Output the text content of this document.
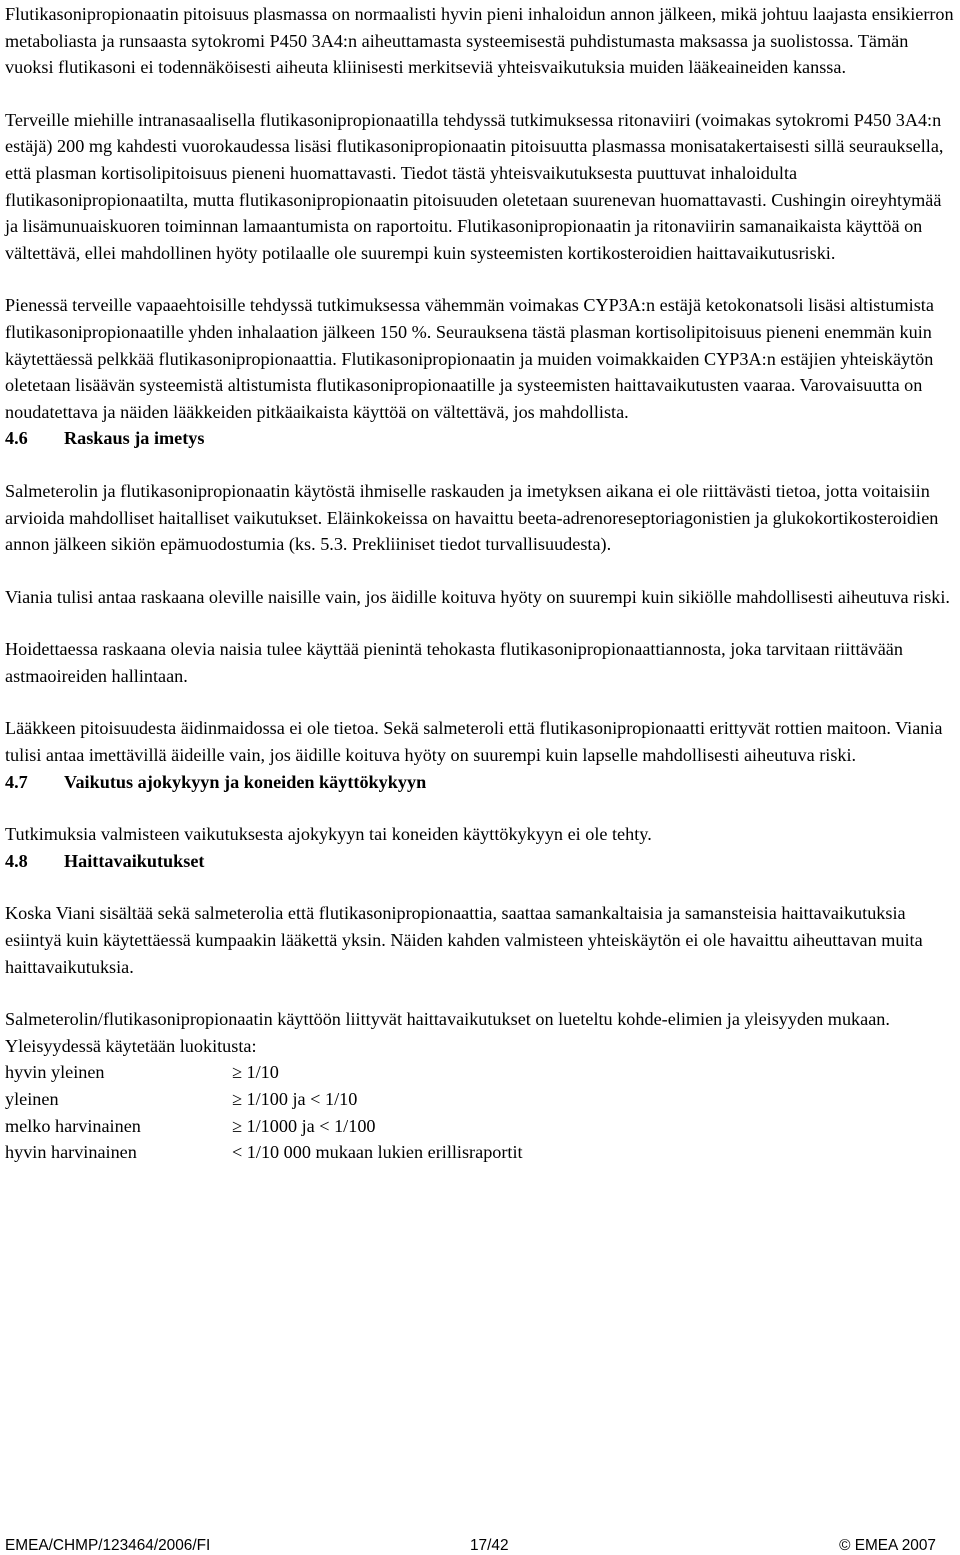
Flutikasonipropionaatin pitoisuus plasmassa on normaalisti hyvin pieni inhaloidun annon jälkeen, mikä johtuu laajasta ensikierron metaboliasta ja runsaasta sytokromi P450 3A4:n aiheuttamasta systeemisestä puhdistumasta maksassa ja suolistossa. Tämän vuoksi flutikasoni ei todennäköisesti aiheuta kliinisesti merkitseviä yhteisvaikutuksia muiden lääkeaineiden kanssa.

Terveille miehille intranasaalisella flutikasonipropionaatilla tehdyssä tutkimuksessa ritonaviiri (voimakas sytokromi P450 3A4:n estäjä) 200 mg kahdesti vuorokaudessa lisäsi flutikasonipropionaatin pitoisuutta plasmassa monisatakertaisesti sillä seurauksella, että plasman kortisolipitoisuus pieneni huomattavasti. Tiedot tästä yhteisvaikutuksesta puuttuvat inhaloidulta flutikasonipropionaatilta, mutta flutikasonipropionaatin pitoisuuden oletetaan suurenevan huomattavasti. Cushingin oireyhtymää ja lisämunuaiskuoren toiminnan lamaantumista on raportoitu. Flutikasonipropionaatin ja ritonaviirin samanaikaista käyttöä on vältettävä, ellei mahdollinen hyöty potilaalle ole suurempi kuin systeemisten kortikosteroidien haittavaikutusriski.

Pienessä terveille vapaaehtoisille tehdyssä tutkimuksessa vähemmän voimakas CYP3A:n estäjä ketokonatsoli lisäsi altistumista flutikasonipropionaatille yhden inhalaation jälkeen 150 %. Seurauksena tästä plasman kortisolipitoisuus pieneni enemmän kuin käytettäessä pelkkää flutikasonipropionaattia. Flutikasonipropionaatin ja muiden voimakkaiden CYP3A:n estäjien yhteiskäytön oletetaan lisäävän systeemistä altistumista flutikasonipropionaatille ja systeemisten haittavaikutusten vaaraa. Varovaisuutta on noudatettava ja näiden lääkkeiden pitkäaikaista käyttöä on vältettävä, jos mahdollista.

4.6 Raskaus ja imetys

Salmeterolin ja flutikasonipropionaatin käytöstä ihmiselle raskauden ja imetyksen aikana ei ole riittävästi tietoa, jotta voitaisiin arvioida mahdolliset haitalliset vaikutukset. Eläinkokeissa on havaittu beeta-adrenoreseptoriagonistien ja glukokortikosteroidien annon jälkeen sikiön epämuodostumia (ks. 5.3. Prekliiniset tiedot turvallisuudesta).

Viania tulisi antaa raskaana oleville naisille vain, jos äidille koituva hyöty on suurempi kuin sikiölle mahdollisesti aiheutuva riski.

Hoidettaessa raskaana olevia naisia tulee käyttää pienintä tehokasta flutikasonipropionaattiannosta, joka tarvitaan riittävään astmaoireiden hallintaan.

Lääkkeen pitoisuudesta äidinmaidossa ei ole tietoa. Sekä salmeteroli että flutikasonipropionaatti erittyvät rottien maitoon. Viania tulisi antaa imettävillä äideille vain, jos äidille koituva hyöty on suurempi kuin lapselle mahdollisesti aiheutuva riski.

4.7 Vaikutus ajokykyyn ja koneiden käyttökykyyn

Tutkimuksia valmisteen vaikutuksesta ajokykyyn tai koneiden käyttökykyyn ei ole tehty.

4.8 Haittavaikutukset

Koska Viani sisältää sekä salmeterolia että flutikasonipropionaattia, saattaa samankaltaisia ja samansteisia haittavaikutuksia esiintyä kuin käytettäessä kumpaakin lääkettä yksin. Näiden kahden valmisteen yhteiskäytön ei ole havaittu aiheuttavan muita haittavaikutuksia.

Salmeterolin/flutikasonipropionaatin käyttöön liittyvät haittavaikutukset on lueteltu kohde-elimien ja yleisyyden mukaan.

Yleisyydessä käytetään luokitusta:

hyvin yleinen	≥ 1/10
yleinen	≥ 1/100 ja < 1/10
melko harvinainen	≥ 1/1000 ja < 1/100
hyvin harvinainen	< 1/10 000 mukaan lukien erillisraportit
EMEA/CHMP/123464/2006/FI	17/42	© EMEA 2007
